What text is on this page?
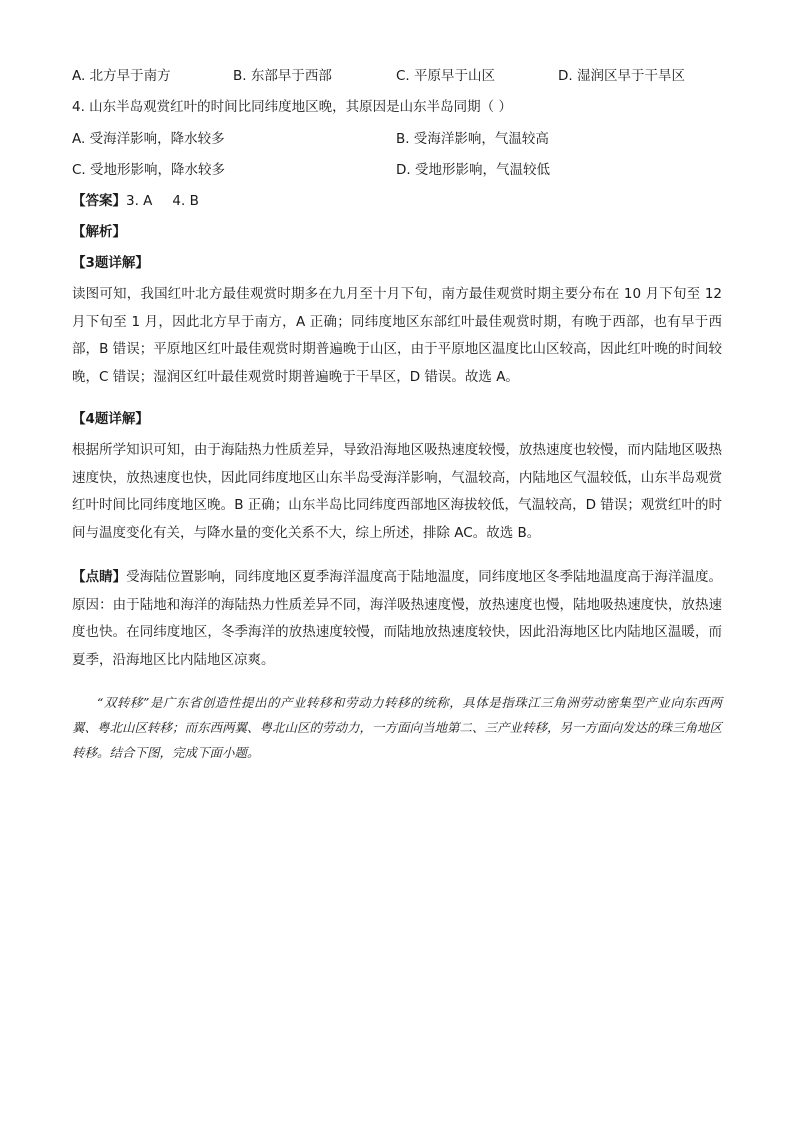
A. 北方早于南方	B. 东部早于西部	C. 平原早于山区	D. 湿润区早于干旱区
4. 山东半岛观赏红叶的时间比同纬度地区晚，其原因是山东半岛同期（ ）
A. 受海洋影响，降水较多	B. 受海洋影响，气温较高
C. 受地形影响，降水较多	D. 受地形影响，气温较低
【答案】3. A 4. B
【解析】
【3题详解】

读图可知，我国红叶北方最佳观赏时期多在九月至十月下旬，南方最佳观赏时期主要分布在 10 月下旬至 12 月下旬至 1 月，因此北方早于南方，A 正确；同纬度地区东部红叶最佳观赏时期，有晚于西部，也有早于西部，B 错误；平原地区红叶最佳观赏时期普遍晚于山区，由于平原地区温度比山区较高，因此红叶晚的时间较晚，C 错误；湿润区红叶最佳观赏时期普遍晚于干旱区，D 错误。故选 A。

【4题详解】

根据所学知识可知，由于海陆热力性质差异，导致沿海地区吸热速度较慢，放热速度也较慢，而内陆地区吸热速度快，放热速度也快，因此同纬度地区山东半岛受海洋影响，气温较高，内陆地区气温较低，山东半岛观赏红叶时间比同纬度地区晚。B 正确；山东半岛比同纬度西部地区海拔较低，气温较高，D 错误；观赏红叶的时间与温度变化有关，与降水量的变化关系不大，综上所述，排除 AC。故选 B。

【点睛】受海陆位置影响，同纬度地区夏季海洋温度高于陆地温度，同纬度地区冬季陆地温度高于海洋温度。原因：由于陆地和海洋的海陆热力性质差异不同，海洋吸热速度慢，放热速度也慢，陆地吸热速度快，放热速度也快。在同纬度地区，冬季海洋的放热速度较慢，而陆地放热速度较快，因此沿海地区比内陆地区温暖，而夏季，沿海地区比内陆地区凉爽。

“双转移”是广东省创造性提出的产业转移和劳动力转移的统称，具体是指珠江三角洲劳动密集型产业向东西两翼、粤北山区转移；而东西两翼、粤北山区的劳动力，一方面向当地第二、三产业转移，另一方面向发达的珠三角地区转移。结合下图，完成下面小题。
